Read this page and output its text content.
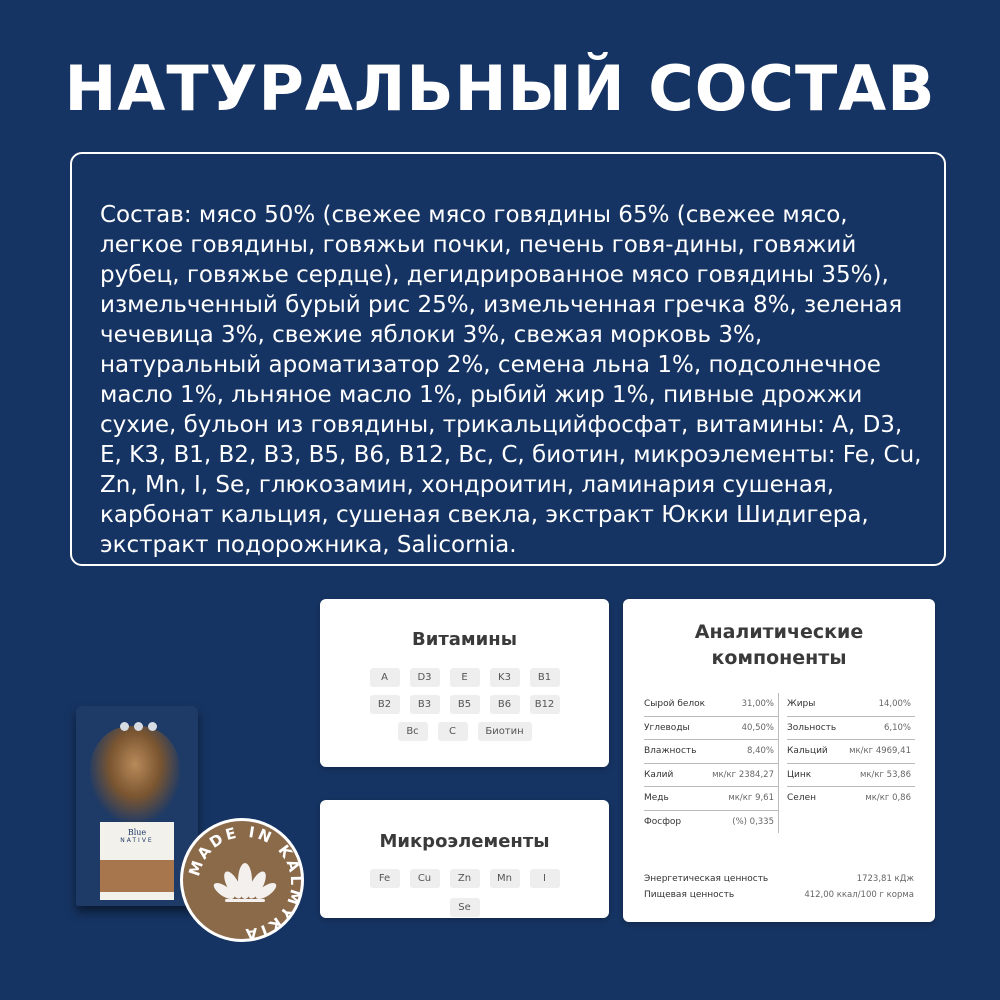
НАТУРАЛЬНЫЙ СОСТАВ

Состав: мясо 50% (свежее мясо говядины 65% (свежее мясо, легкое говядины, говяжьи почки, печень говя-дины, говяжий рубец, говяжье сердце), дегидрированное мясо говядины 35%), измельченный бурый рис 25%, измельченная гречка 8%, зеленая чечевица 3%, свежие яблоки 3%, свежая морковь 3%, натуральный ароматизатор 2%, семена льна 1%, подсолнечное масло 1%, льняное масло 1%, рыбий жир 1%, пивные дрожжи сухие, бульон из говядины, трикальцийфосфат, витамины: A, D3, E, K3, B1, B2, B3, B5, B6, B12, Bc, C, биотин, микроэлементы: Fe, Cu, Zn, Mn, I, Se, глюкозамин, хондроитин, ламинария сушеная, карбонат кальция, сушеная свекла, экстракт Юкки Шидигера, экстракт подорожника, Salicornia.

Витамины
A	D3	E	K3	B1
B2	B3	B5	B6	B12
Bc	C	Биотин
Микроэлементы
Fe	Cu	Zn	Mn	I
Se
Аналитические
компоненты
Сырой белок	31,00%
Углеводы	40,50%
Влажность	8,40%
Калий	мк/кг 2384,27
Медь	мк/кг 9,61
Фосфор	(%) 0,335
Жиры	14,00%
Зольность	6,10%
Кальций	мк/кг 4969,41
Цинк	мк/кг 53,86
Селен	мк/кг 0,86
Энергетическая ценность	1723,81 кДж
Пищевая ценность	412,00 ккал/100 г корма
Blue
NATIVE
MADE IN KALMYKIA
